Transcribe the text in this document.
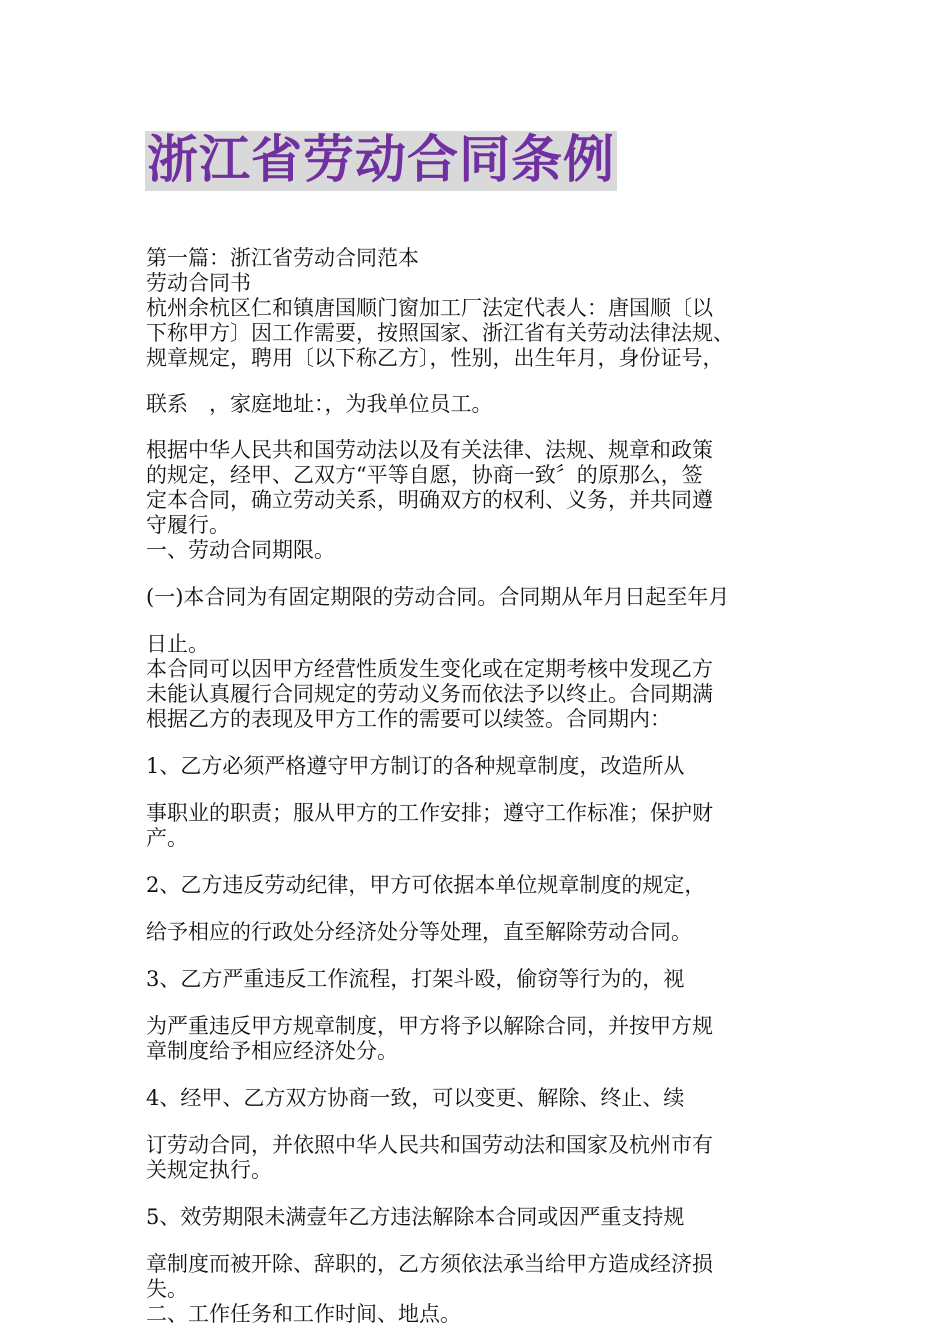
浙江省劳动合同条例
第一篇：浙江省劳动合同范本
劳动合同书
杭州余杭区仁和镇唐国顺门窗加工厂法定代表人：唐国顺〔以
下称甲方〕因工作需要，按照国家、浙江省有关劳动法律法规、
规章规定，聘用〔以下称乙方〕，性别，出生年月，身份证号，
联系　，家庭地址：，为我单位员工。
根据中华人民共和国劳动法以及有关法律、法规、规章和政策
的规定，经甲、乙双方“平等自愿，协商一致〞的原那么，签
定本合同，确立劳动关系，明确双方的权利、义务，并共同遵
守履行。
一、劳动合同期限。
(一)本合同为有固定期限的劳动合同。合同期从年月日起至年月
日止。
本合同可以因甲方经营性质发生变化或在定期考核中发现乙方
未能认真履行合同规定的劳动义务而依法予以终止。合同期满
根据乙方的表现及甲方工作的需要可以续签。合同期内：
1、乙方必须严格遵守甲方制订的各种规章制度，改造所从
事职业的职责；服从甲方的工作安排；遵守工作标准；保护财
产。
2、乙方违反劳动纪律，甲方可依据本单位规章制度的规定，
给予相应的行政处分经济处分等处理，直至解除劳动合同。
3、乙方严重违反工作流程，打架斗殴，偷窃等行为的，视
为严重违反甲方规章制度，甲方将予以解除合同，并按甲方规
章制度给予相应经济处分。
4、经甲、乙方双方协商一致，可以变更、解除、终止、续
订劳动合同，并依照中华人民共和国劳动法和国家及杭州市有
关规定执行。
5、效劳期限未满壹年乙方违法解除本合同或因严重支持规
章制度而被开除、辞职的，乙方须依法承当给甲方造成经济损
失。
二、工作任务和工作时间、地点。
